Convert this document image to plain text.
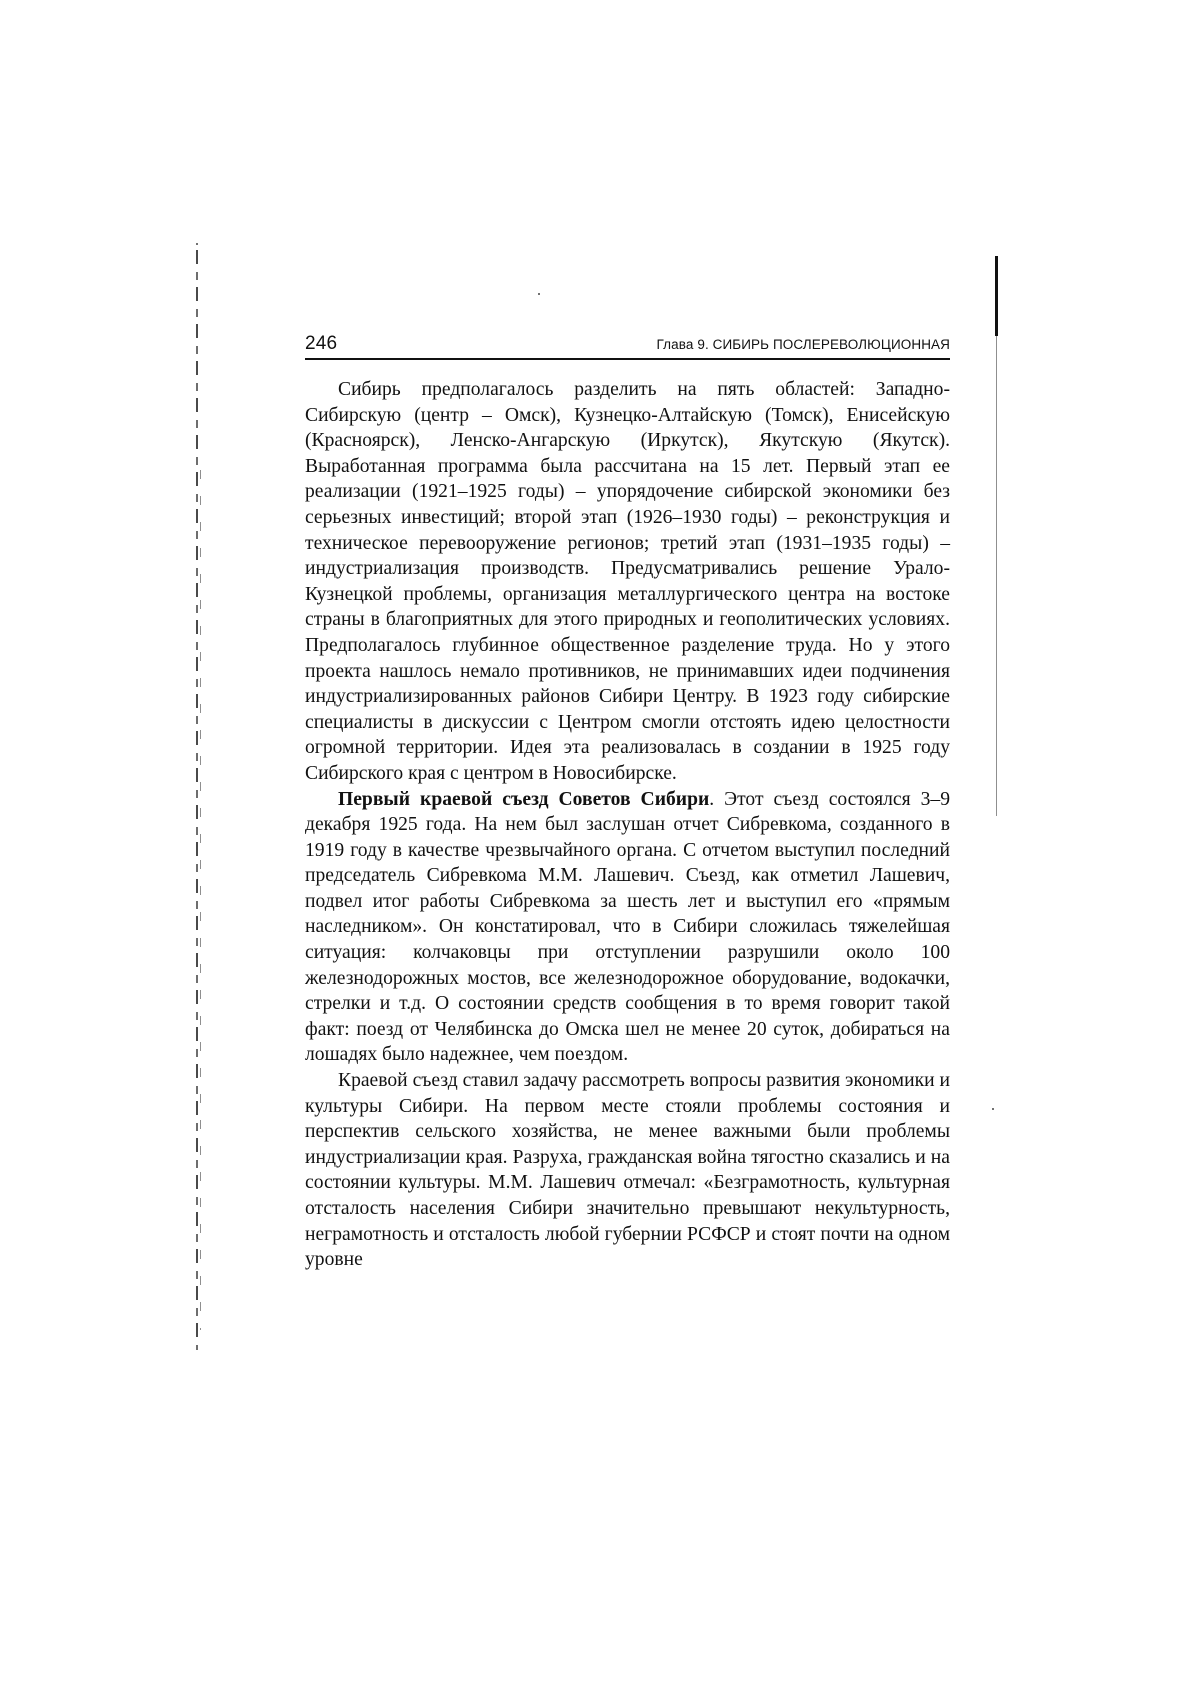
246	Глава 9. СИБИРЬ ПОСЛЕРЕВОЛЮЦИОННАЯ

Сибирь предполагалось разделить на пять областей: Западно-Сибирскую (центр – Омск), Кузнецко-Алтайскую (Томск), Енисейскую (Красноярск), Ленско-Ангарскую (Иркутск), Якутскую (Якутск). Выработанная программа была рассчитана на 15 лет. Первый этап ее реализации (1921–1925 годы) – упорядочение сибирской экономики без серьезных инвестиций; второй этап (1926–1930 годы) – реконструкция и техническое перевооружение регионов; третий этап (1931–1935 годы) – индустриализация производств. Предусматривались решение Урало-Кузнецкой проблемы, организация металлургического центра на востоке страны в благоприятных для этого природных и геополитических условиях. Предполагалось глубинное общественное разделение труда. Но у этого проекта нашлось немало противников, не принимавших идеи подчинения индустриализированных районов Сибири Центру. В 1923 году сибирские специалисты в дискуссии с Центром смогли отстоять идею целостности огромной территории. Идея эта реализовалась в создании в 1925 году Сибирского края с центром в Новосибирске.

Первый краевой съезд Советов Сибири. Этот съезд состоялся 3–9 декабря 1925 года. На нем был заслушан отчет Сибревкома, созданного в 1919 году в качестве чрезвычайного органа. С отчетом выступил последний председатель Сибревкома М.М. Лашевич. Съезд, как отметил Лашевич, подвел итог работы Сибревкома за шесть лет и выступил его «прямым наследником». Он констатировал, что в Сибири сложилась тяжелейшая ситуация: колчаковцы при отступлении разрушили около 100 железнодорожных мостов, все железнодорожное оборудование, водокачки, стрелки и т.д. О состоянии средств сообщения в то время говорит такой факт: поезд от Челябинска до Омска шел не менее 20 суток, добираться на лошадях было надежнее, чем поездом.

Краевой съезд ставил задачу рассмотреть вопросы развития экономики и культуры Сибири. На первом месте стояли проблемы состояния и перспектив сельского хозяйства, не менее важными были проблемы индустриализации края. Разруха, гражданская война тягостно сказались и на состоянии культуры. М.М. Лашевич отмечал: «Безграмотность, культурная отсталость населения Сибири значительно превышают некультурность, неграмотность и отсталость любой губернии РСФСР и стоят почти на одном уровне
